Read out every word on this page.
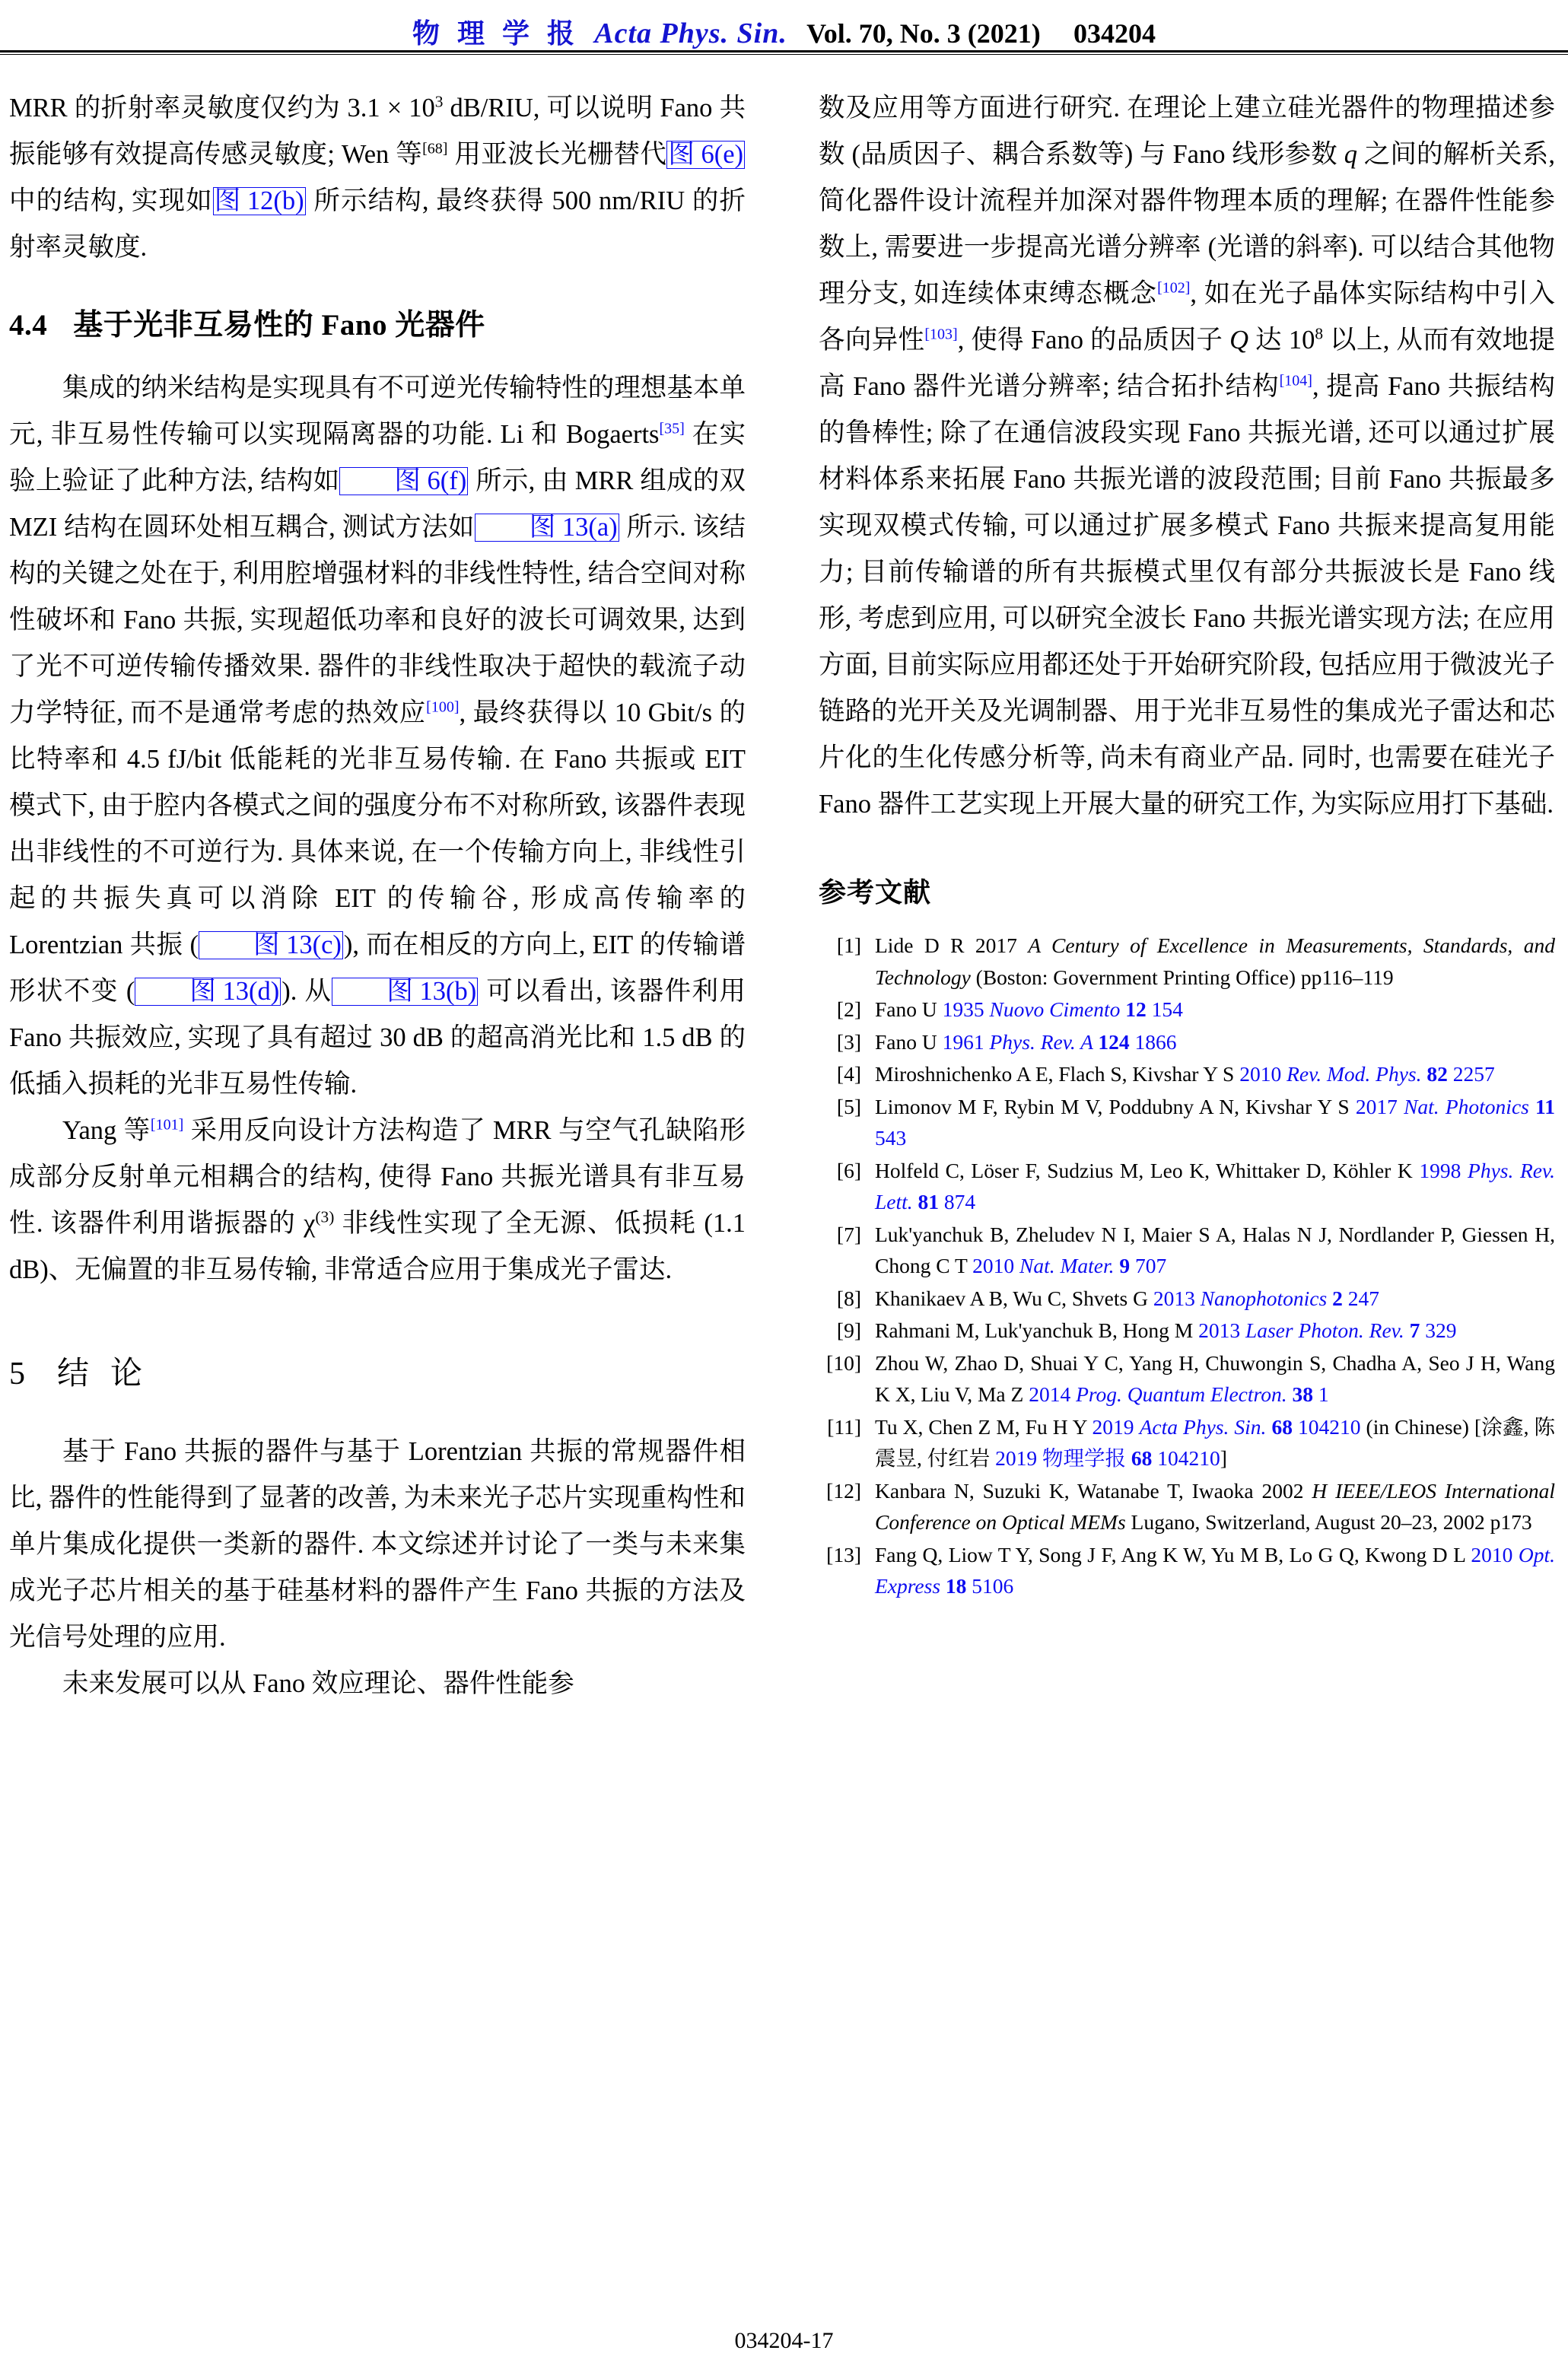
物 理 学 报 Acta Phys. Sin. Vol. 70, No. 3 (2021) 034204

MRR 的折射率灵敏度仅约为 $3.1 \times 10^3$ dB/RIU, 可以说明 Fano 共振能够有效提高传感灵敏度; Wen 等[68] 用亚波长光栅替代图 6(e) 中的结构, 实现如图 12(b) 所示结构, 最终获得 500 nm/RIU 的折射率灵敏度.

4.4 基于光非互易性的 Fano 光器件

集成的纳米结构是实现具有不可逆光传输特性的理想基本单元, 非互易性传输可以实现隔离器的功能. Li 和 Bogaerts[35] 在实验上验证了此种方法, 结构如 图 6(f) 所示, 由 MRR 组成的双 MZI 结构在圆环处相互耦合, 测试方法如 图 13(a) 所示. 该结构的关键之处在于, 利用腔增强材料的非线性特性, 结合空间对称性破坏和 Fano 共振, 实现超低功率和良好的波长可调效果, 达到了光不可逆传输传播效果. 器件的非线性取决于超快的载流子动力学特征, 而不是通常考虑的热效应[100], 最终获得以 10 Gbit/s 的比特率和 4.5 fJ/bit 低能耗的光非互易传输. 在 Fano 共振或 EIT 模式下, 由于腔内各模式之间的强度分布不对称所致, 该器件表现出非线性的不可逆行为. 具体来说, 在一个传输方向上, 非线性引起的共振失真可以消除 EIT 的传输谷, 形成高传输率的 Lorentzian 共振 ( 图 13(c)), 而在相反的方向上, EIT 的传输谱形状不变 ( 图 13(d)). 从 图 13(b) 可以看出, 该器件利用 Fano 共振效应, 实现了具有超过 30 dB 的超高消光比和 1.5 dB 的低插入损耗的光非互易性传输.

Yang 等[101] 采用反向设计方法构造了 MRR 与空气孔缺陷形成部分反射单元相耦合的结构, 使得 Fano 共振光谱具有非互易性. 该器件利用谐振器的 $\chi^{(3)}$ 非线性实现了全无源、低损耗 (1.1 dB)、无偏置的非互易传输, 非常适合应用于集成光子雷达.

5 结 论

基于 Fano 共振的器件与基于 Lorentzian 共振的常规器件相比, 器件的性能得到了显著的改善, 为未来光子芯片实现重构性和单片集成化提供一类新的器件. 本文综述并讨论了一类与未来集成光子芯片相关的基于硅基材料的器件产生 Fano 共振的方法及光信号处理的应用.

未来发展可以从 Fano 效应理论、器件性能参

数及应用等方面进行研究. 在理论上建立硅光器件的物理描述参数 (品质因子、耦合系数等) 与 Fano 线形参数 q 之间的解析关系, 简化器件设计流程并加深对器件物理本质的理解; 在器件性能参数上, 需要进一步提高光谱分辨率 (光谱的斜率). 可以结合其他物理分支, 如连续体束缚态概念[102], 如在光子晶体实际结构中引入各向异性[103], 使得 Fano 的品质因子 Q 达 $10^8$ 以上, 从而有效地提高 Fano 器件光谱分辨率; 结合拓扑结构[104], 提高 Fano 共振结构的鲁棒性; 除了在通信波段实现 Fano 共振光谱, 还可以通过扩展材料体系来拓展 Fano 共振光谱的波段范围; 目前 Fano 共振最多实现双模式传输, 可以通过扩展多模式 Fano 共振来提高复用能力; 目前传输谱的所有共振模式里仅有部分共振波长是 Fano 线形, 考虑到应用, 可以研究全波长 Fano 共振光谱实现方法; 在应用方面, 目前实际应用都还处于开始研究阶段, 包括应用于微波光子链路的光开关及光调制器、用于光非互易性的集成光子雷达和芯片化的生化传感分析等, 尚未有商业产品. 同时, 也需要在硅光子 Fano 器件工艺实现上开展大量的研究工作, 为实际应用打下基础.

参考文献
[1] Lide D R 2017 A Century of Excellence in Measurements, Standards, and Technology (Boston: Government Printing Office) pp116–119
[2] Fano U 1935 Nuovo Cimento 12 154
[3] Fano U 1961 Phys. Rev. A 124 1866
[4] Miroshnichenko A E, Flach S, Kivshar Y S 2010 Rev. Mod. Phys. 82 2257
[5] Limonov M F, Rybin M V, Poddubny A N, Kivshar Y S 2017 Nat. Photonics 11 543
[6] Holfeld C, Löser F, Sudzius M, Leo K, Whittaker D, Köhler K 1998 Phys. Rev. Lett. 81 874
[7] Luk'yanchuk B, Zheludev N I, Maier S A, Halas N J, Nordlander P, Giessen H, Chong C T 2010 Nat. Mater. 9 707
[8] Khanikaev A B, Wu C, Shvets G 2013 Nanophotonics 2 247
[9] Rahmani M, Luk'yanchuk B, Hong M 2013 Laser Photon. Rev. 7 329
[10] Zhou W, Zhao D, Shuai Y C, Yang H, Chuwongin S, Chadha A, Seo J H, Wang K X, Liu V, Ma Z 2014 Prog. Quantum Electron. 38 1
[11] Tu X, Chen Z M, Fu H Y 2019 Acta Phys. Sin. 68 104210 (in Chinese) [涂鑫, 陈震昱, 付红岩 2019 物理学报 68 104210]
[12] Kanbara N, Suzuki K, Watanabe T, Iwaoka 2002 H IEEE/LEOS International Conference on Optical MEMs Lugano, Switzerland, August 20–23, 2002 p173
[13] Fang Q, Liow T Y, Song J F, Ang K W, Yu M B, Lo G Q, Kwong D L 2010 Opt. Express 18 5106
034204-17
